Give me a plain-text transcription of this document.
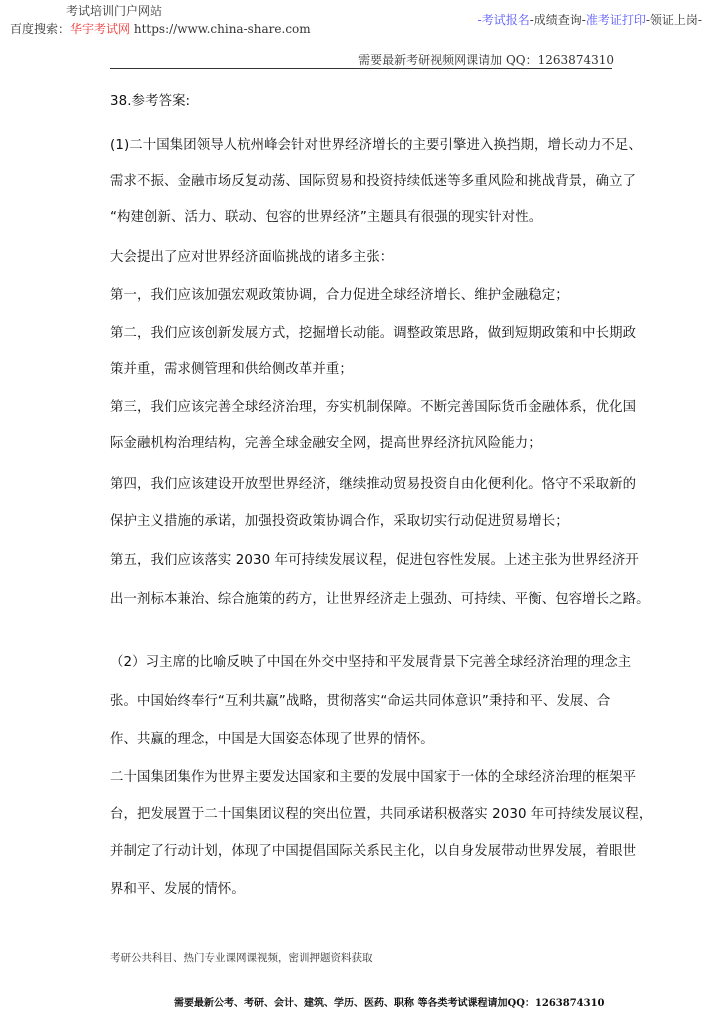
考试培训门户网站
百度搜索：华宇考试网 https://www.china-share.com
-考试报名-成绩查询-准考证打印-领证上岗-
需要最新考研视频网课请加 QQ：1263874310
38.参考答案:
(1)二十国集团领导人杭州峰会针对世界经济增长的主要引擎进入换挡期，增长动力不足、
需求不振、金融市场反复动荡、国际贸易和投资持续低迷等多重风险和挑战背景，确立了
“构建创新、活力、联动、包容的世界经济”主题具有很强的现实针对性。
大会提出了应对世界经济面临挑战的诸多主张：
第一，我们应该加强宏观政策协调，合力促进全球经济增长、维护金融稳定；
第二，我们应该创新发展方式，挖掘增长动能。调整政策思路，做到短期政策和中长期政
策并重，需求侧管理和供给侧改革并重；
第三，我们应该完善全球经济治理，夯实机制保障。不断完善国际货币金融体系，优化国
际金融机构治理结构，完善全球金融安全网，提高世界经济抗风险能力；
第四，我们应该建设开放型世界经济，继续推动贸易投资自由化便利化。恪守不采取新的
保护主义措施的承诺，加强投资政策协调合作，采取切实行动促进贸易增长；
第五，我们应该落实 2030 年可持续发展议程，促进包容性发展。上述主张为世界经济开
出一剂标本兼治、综合施策的药方，让世界经济走上强劲、可持续、平衡、包容增长之路。
（2）习主席的比喻反映了中国在外交中坚持和平发展背景下完善全球经济治理的理念主
张。中国始终奉行“互利共赢”战略，贯彻落实“命运共同体意识”秉持和平、发展、合
作、共赢的理念，中国是大国姿态体现了世界的情怀。
二十国集团集作为世界主要发达国家和主要的发展中国家于一体的全球经济治理的框架平
台，把发展置于二十国集团议程的突出位置，共同承诺积极落实 2030 年可持续发展议程，
并制定了行动计划，体现了中国提倡国际关系民主化，以自身发展带动世界发展，着眼世
界和平、发展的情怀。
考研公共科目、热门专业课网课视频，密训押题资料获取
需要最新公考、考研、会计、建筑、学历、医药、职称 等各类考试课程请加QQ：1263874310
